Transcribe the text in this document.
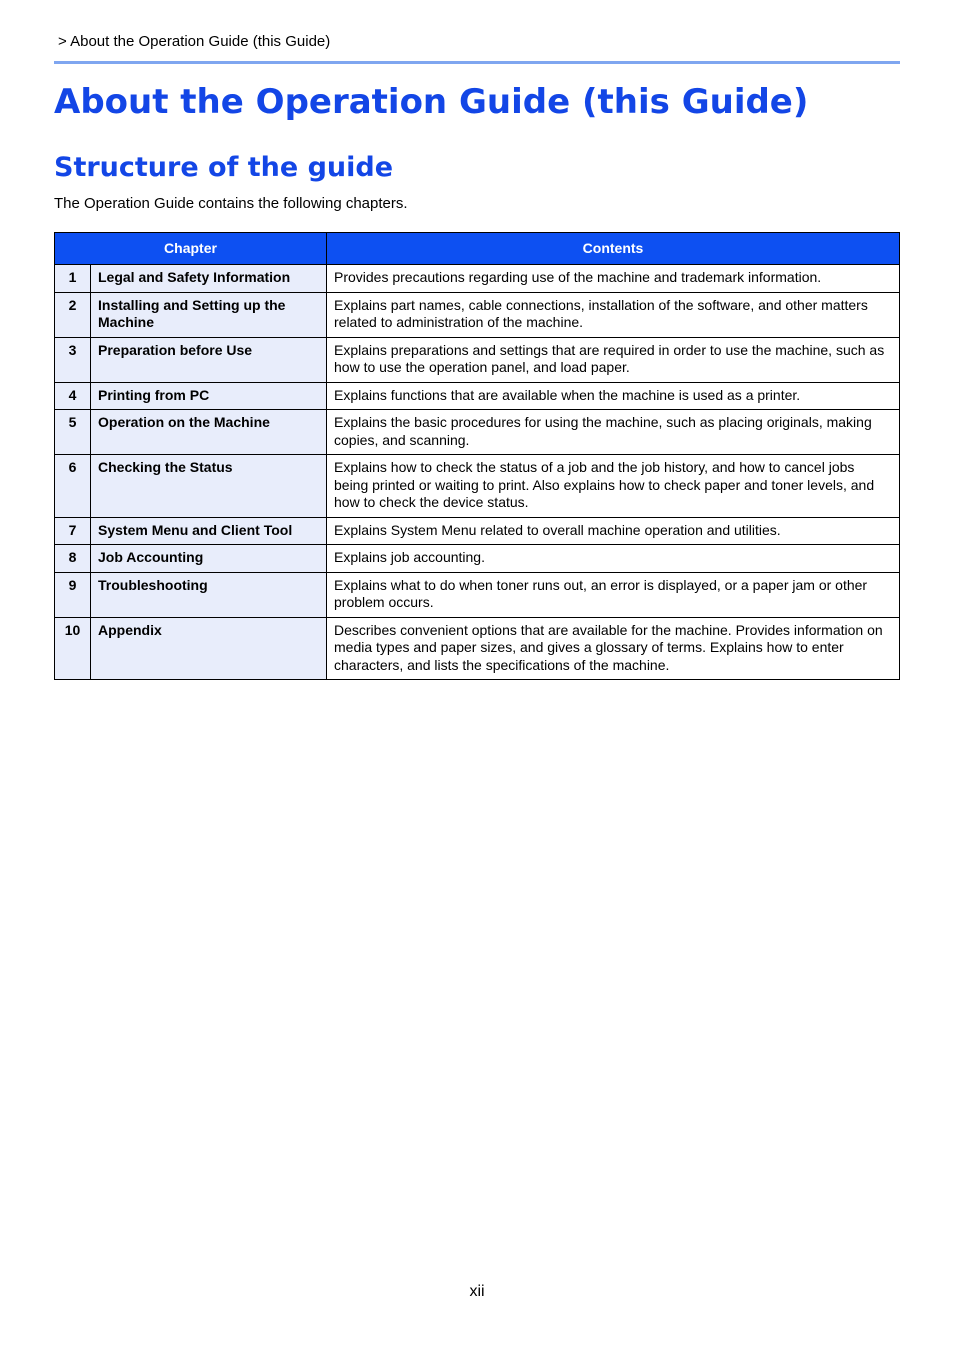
> About the Operation Guide (this Guide)
About the Operation Guide (this Guide)
Structure of the guide
The Operation Guide contains the following chapters.
Chapter		Contents
1	Legal and Safety Information	Provides precautions regarding use of the machine and trademark information.
2	Installing and Setting up the Machine	Explains part names, cable connections, installation of the software, and other matters related to administration of the machine.
3	Preparation before Use	Explains preparations and settings that are required in order to use the machine, such as how to use the operation panel, and load paper.
4	Printing from PC	Explains functions that are available when the machine is used as a printer.
5	Operation on the Machine	Explains the basic procedures for using the machine, such as placing originals, making copies, and scanning.
6	Checking the Status	Explains how to check the status of a job and the job history, and how to cancel jobs being printed or waiting to print. Also explains how to check paper and toner levels, and how to check the device status.
7	System Menu and Client Tool	Explains System Menu related to overall machine operation and utilities.
8	Job Accounting	Explains job accounting.
9	Troubleshooting	Explains what to do when toner runs out, an error is displayed, or a paper jam or other problem occurs.
10	Appendix	Describes convenient options that are available for the machine. Provides information on media types and paper sizes, and gives a glossary of terms. Explains how to enter characters, and lists the specifications of the machine.
xii
